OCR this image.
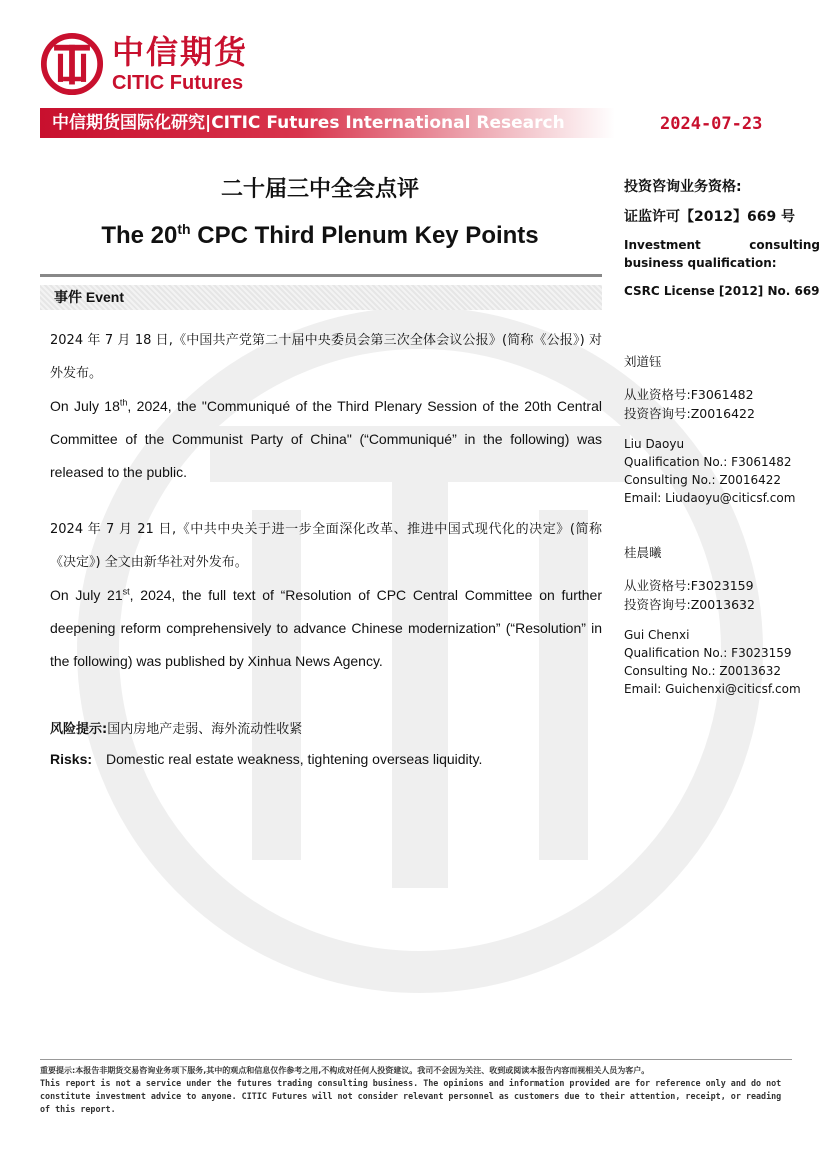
中信期货
CITIC Futures
中信期货国际化研究|CITIC Futures International Research	2024-07-23
二十届三中全会点评
The 20th CPC Third Plenum Key Points
事件 Event

2024 年 7 月 18 日,《中国共产党第二十届中央委员会第三次全体会议公报》(简称《公报》) 对外发布。

On July 18th, 2024, the "Communiqué of the Third Plenary Session of the 20th Central Committee of the Communist Party of China" (“Communiqué” in the following) was released to the public.

2024 年 7 月 21 日,《中共中央关于进一步全面深化改革、推进中国式现代化的决定》(简称《决定》) 全文由新华社对外发布。

On July 21st, 2024, the full text of “Resolution of CPC Central Committee on further deepening reform comprehensively to advance Chinese modernization” (“Resolution” in the following) was published by Xinhua News Agency.

风险提示:国内房地产走弱、海外流动性收紧
Risks: Domestic real estate weakness, tightening overseas liquidity.
投资咨询业务资格:
证监许可【2012】669 号
Investment consulting business qualification:
CSRC License [2012] No. 669
刘道钰
从业资格号:F3061482
投资咨询号:Z0016422
Liu Daoyu
Qualification No.: F3061482
Consulting No.: Z0016422
Email: Liudaoyu@citicsf.com
桂晨曦
从业资格号:F3023159
投资咨询号:Z0013632
Gui Chenxi
Qualification No.: F3023159
Consulting No.: Z0013632
Email: Guichenxi@citicsf.com
重要提示:本报告非期货交易咨询业务项下服务,其中的观点和信息仅作参考之用,不构成对任何人投资建议。我司不会因为关注、收到或阅读本报告内容而视相关人员为客户。
This report is not a service under the futures trading consulting business. The opinions and information provided are for reference only and do not constitute investment advice to anyone. CITIC Futures will not consider relevant personnel as customers due to their attention, receipt, or reading of this report.
